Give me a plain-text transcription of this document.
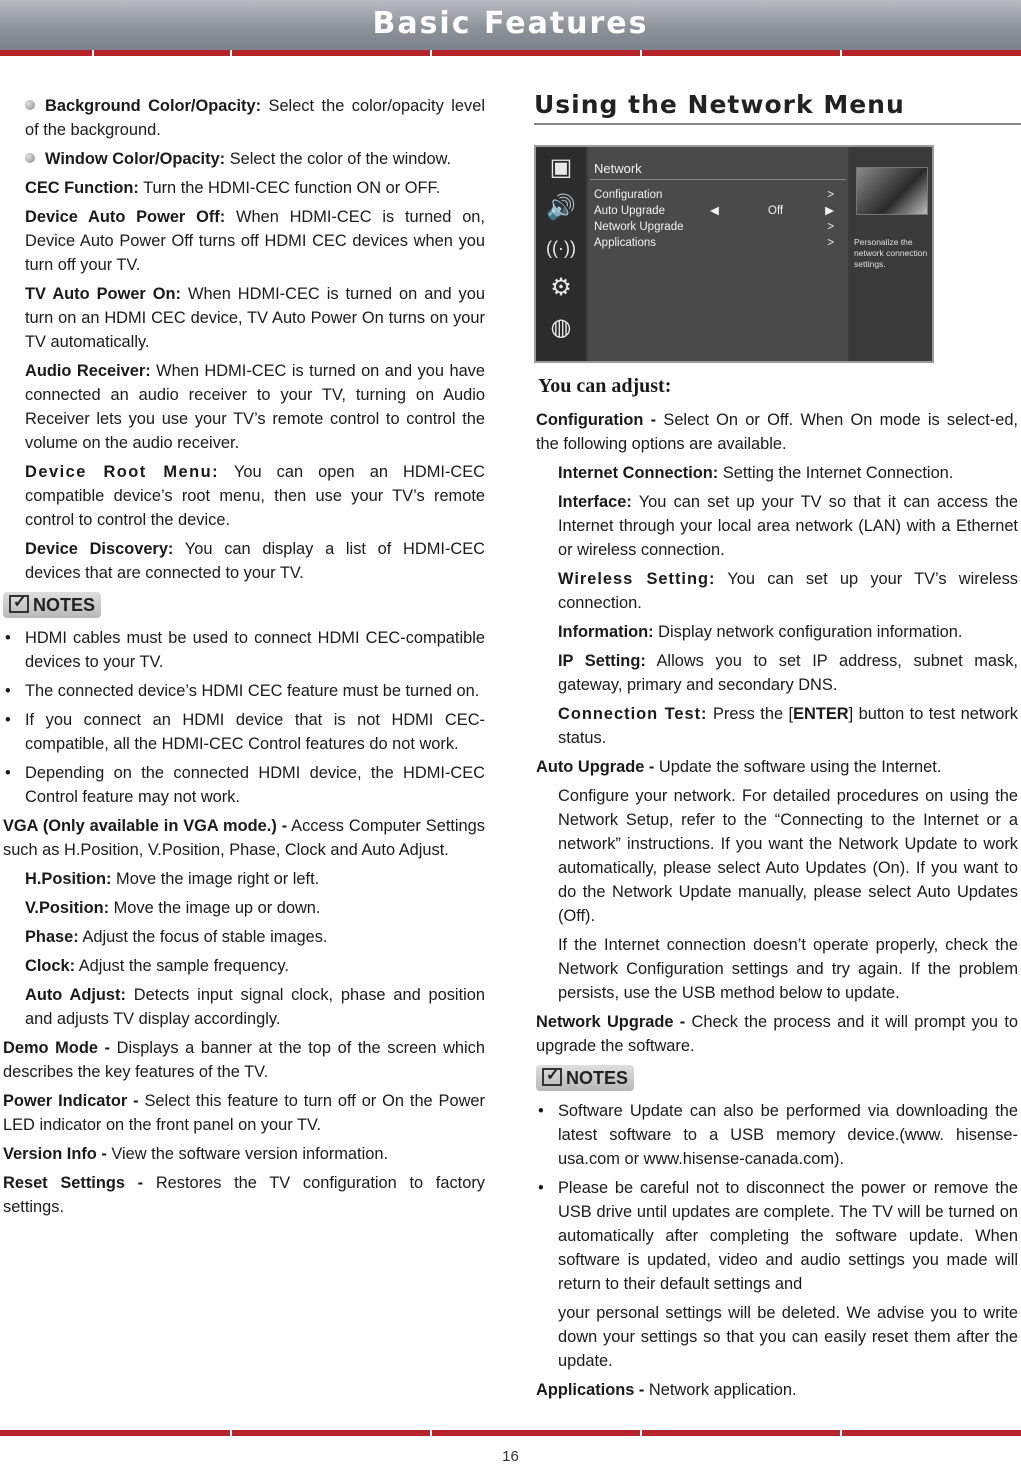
Basic Features

Background Color/Opacity: Select the color/opacity level of the background.

Window Color/Opacity: Select the color of the window.

CEC Function: Turn the HDMI-CEC function ON or OFF.

Device Auto Power Off: When HDMI-CEC is turned on, Device Auto Power Off turns off HDMI CEC devices when you turn off your TV.

TV Auto Power On: When HDMI-CEC is turned on and you turn on an HDMI CEC device, TV Auto Power On turns on your TV automatically.

Audio Receiver: When HDMI-CEC is turned on and you have connected an audio receiver to your TV, turning on Audio Receiver lets you use your TV’s remote control to control the volume on the audio receiver.

Device Root Menu: You can open an HDMI-CEC compatible device’s root menu, then use your TV’s remote control to control the device.

Device Discovery: You can display a list of HDMI-CEC devices that are connected to your TV.

✓NOTES
• HDMI cables must be used to connect HDMI CEC-compatible devices to your TV.
• The connected device’s HDMI CEC feature must be turned on.
• If you connect an HDMI device that is not HDMI CEC-compatible, all the HDMI-CEC Control features do not work.
• Depending on the connected HDMI device, the HDMI-CEC Control feature may not work.

VGA (Only available in VGA mode.) - Access Computer Settings such as H.Position, V.Position, Phase, Clock and Auto Adjust.

H.Position: Move the image right or left.

V.Position: Move the image up or down.

Phase: Adjust the focus of stable images.

Clock: Adjust the sample frequency.

Auto Adjust: Detects input signal clock, phase and position and adjusts TV display accordingly.

Demo Mode - Displays a banner at the top of the screen which describes the key features of the TV.

Power Indicator - Select this feature to turn off or On the Power LED indicator on the front panel on your TV.

Version Info - View the software version information.

Reset Settings - Restores the TV configuration to factory settings.

Using the Network Menu
▣
🔊
((·))
⚙
◍
Network
Configuration	>
Auto Upgrade	◀	Off	▶
Network Upgrade	>
Applications	> Personalize the network connection settings.
You can adjust:

Configuration - Select On or Off. When On mode is select-ed, the following options are available.

Internet Connection: Setting the Internet Connection.

Interface: You can set up your TV so that it can access the Internet through your local area network (LAN) with a Ethernet or wireless connection.

Wireless Setting: You can set up your TV’s wireless connection.

Information: Display network configuration information.

IP Setting: Allows you to set IP address, subnet mask, gateway, primary and secondary DNS.

Connection Test: Press the [ENTER] button to test network status.

Auto Upgrade - Update the software using the Internet.

Configure your network. For detailed procedures on using the Network Setup, refer to the “Connecting to the Internet or a network” instructions. If you want the Network Update to work automatically, please select Auto Updates (On). If you want to do the Network Update manually, please select Auto Updates (Off).

If the Internet connection doesn’t operate properly, check the Network Configuration settings and try again. If the problem persists, use the USB method below to update.

Network Upgrade - Check the process and it will prompt you to upgrade the software.

✓NOTES
• Software Update can also be performed via downloading the latest software to a USB memory device.(www. hisense-usa.com or www.hisense-canada.com).
• Please be careful not to disconnect the power or remove the USB drive until updates are complete. The TV will be turned on automatically after completing the software update. When software is updated, video and audio settings you made will return to their default settings and

your personal settings will be deleted. We advise you to write down your settings so that you can easily reset them after the update.

Applications - Network application.

16
